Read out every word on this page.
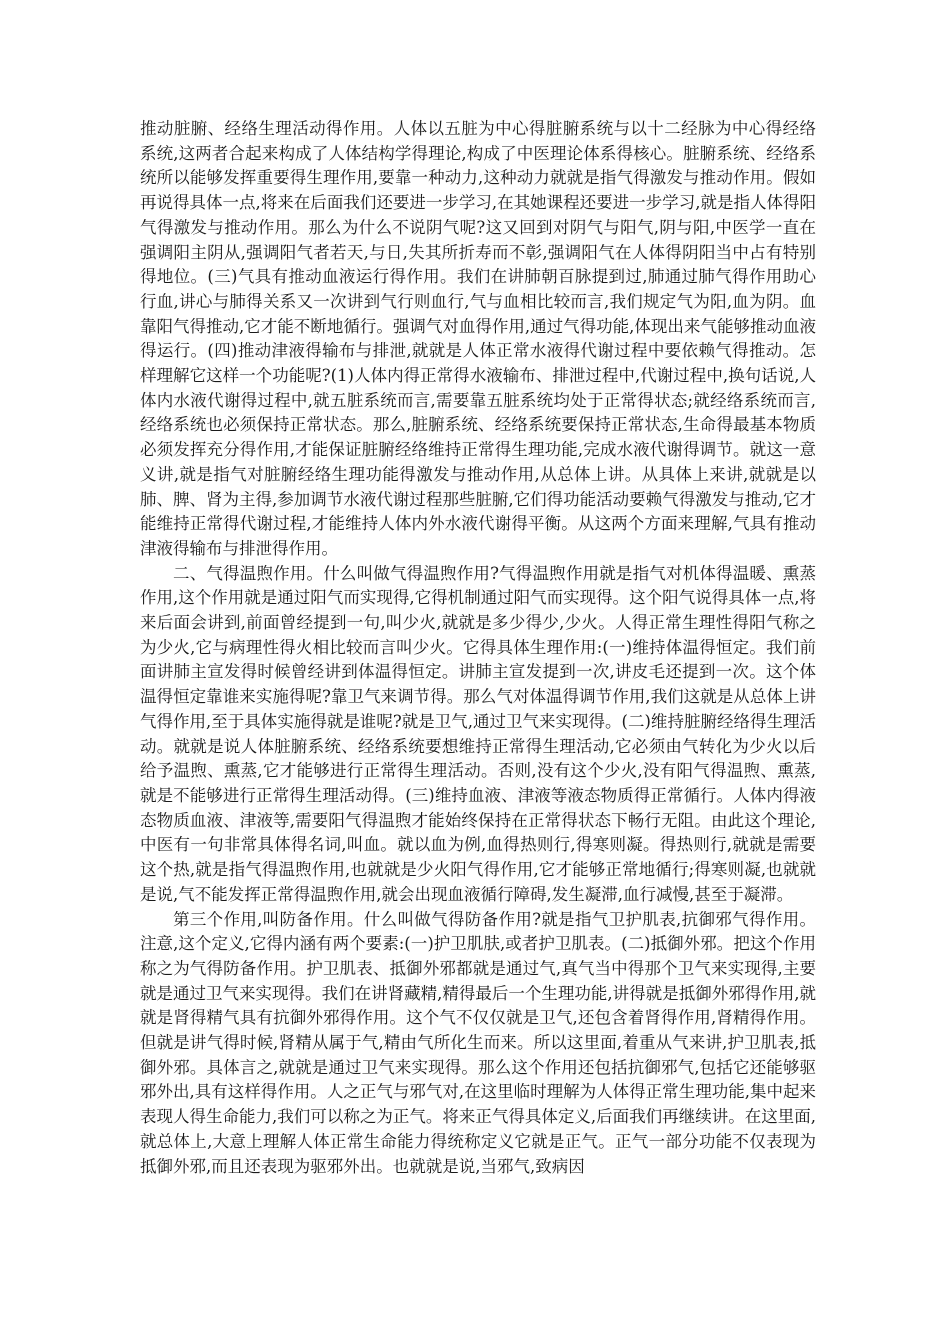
推动脏腑、经络生理活动得作用。人体以五脏为中心得脏腑系统与以十二经脉为中心得经络系统,这两者合起来构成了人体结构学得理论,构成了中医理论体系得核心。脏腑系统、经络系统所以能够发挥重要得生理作用,要靠一种动力,这种动力就就是指气得激发与推动作用。假如再说得具体一点,将来在后面我们还要进一步学习,在其她课程还要进一步学习,就是指人体得阳气得激发与推动作用。那么为什么不说阴气呢?这又回到对阴气与阳气,阴与阳,中医学一直在强调阳主阴从,强调阳气者若天,与日,失其所折寿而不彰,强调阳气在人体得阴阳当中占有特别得地位。(三)气具有推动血液运行得作用。我们在讲肺朝百脉提到过,肺通过肺气得作用助心行血,讲心与肺得关系又一次讲到气行则血行,气与血相比较而言,我们规定气为阳,血为阴。血靠阳气得推动,它才能不断地循行。强调气对血得作用,通过气得功能,体现出来气能够推动血液得运行。(四)推动津液得输布与排泄,就就是人体正常水液得代谢过程中要依赖气得推动。怎样理解它这样一个功能呢?(1)人体内得正常得水液输布、排泄过程中,代谢过程中,换句话说,人体内水液代谢得过程中,就五脏系统而言,需要靠五脏系统均处于正常得状态;就经络系统而言,经络系统也必须保持正常状态。那么,脏腑系统、经络系统要保持正常状态,生命得最基本物质必须发挥充分得作用,才能保证脏腑经络维持正常得生理功能,完成水液代谢得调节。就这一意义讲,就是指气对脏腑经络生理功能得激发与推动作用,从总体上讲。从具体上来讲,就就是以肺、脾、肾为主得,参加调节水液代谢过程那些脏腑,它们得功能活动要赖气得激发与推动,它才能维持正常得代谢过程,才能维持人体内外水液代谢得平衡。从这两个方面来理解,气具有推动津液得输布与排泄得作用。

二、气得温煦作用。什么叫做气得温煦作用?气得温煦作用就是指气对机体得温暖、熏蒸作用,这个作用就是通过阳气而实现得,它得机制通过阳气而实现得。这个阳气说得具体一点,将来后面会讲到,前面曾经提到一句,叫少火,就就是多少得少,少火。人得正常生理性得阳气称之为少火,它与病理性得火相比较而言叫少火。它得具体生理作用:(一)维持体温得恒定。我们前面讲肺主宣发得时候曾经讲到体温得恒定。讲肺主宣发提到一次,讲皮毛还提到一次。这个体温得恒定靠谁来实施得呢?靠卫气来调节得。那么气对体温得调节作用,我们这就是从总体上讲气得作用,至于具体实施得就是谁呢?就是卫气,通过卫气来实现得。(二)维持脏腑经络得生理活动。就就是说人体脏腑系统、经络系统要想维持正常得生理活动,它必须由气转化为少火以后给予温煦、熏蒸,它才能够进行正常得生理活动。否则,没有这个少火,没有阳气得温煦、熏蒸,就是不能够进行正常得生理活动得。(三)维持血液、津液等液态物质得正常循行。人体内得液态物质血液、津液等,需要阳气得温煦才能始终保持在正常得状态下畅行无阻。由此这个理论,中医有一句非常具体得名词,叫血。就以血为例,血得热则行,得寒则凝。得热则行,就就是需要这个热,就是指气得温煦作用,也就就是少火阳气得作用,它才能够正常地循行;得寒则凝,也就就是说,气不能发挥正常得温煦作用,就会出现血液循行障碍,发生凝滞,血行减慢,甚至于凝滞。

第三个作用,叫防备作用。什么叫做气得防备作用?就是指气卫护肌表,抗御邪气得作用。注意,这个定义,它得内涵有两个要素:(一)护卫肌肤,或者护卫肌表。(二)抵御外邪。把这个作用称之为气得防备作用。护卫肌表、抵御外邪都就是通过气,真气当中得那个卫气来实现得,主要就是通过卫气来实现得。我们在讲肾藏精,精得最后一个生理功能,讲得就是抵御外邪得作用,就就是肾得精气具有抗御外邪得作用。这个气不仅仅就是卫气,还包含着肾得作用,肾精得作用。但就是讲气得时候,肾精从属于气,精由气所化生而来。所以这里面,着重从气来讲,护卫肌表,抵御外邪。具体言之,就就是通过卫气来实现得。那么这个作用还包括抗御邪气,包括它还能够驱邪外出,具有这样得作用。人之正气与邪气对,在这里临时理解为人体得正常生理功能,集中起来表现人得生命能力,我们可以称之为正气。将来正气得具体定义,后面我们再继续讲。在这里面,就总体上,大意上理解人体正常生命能力得统称定义它就是正气。正气一部分功能不仅表现为抵御外邪,而且还表现为驱邪外出。也就就是说,当邪气,致病因
